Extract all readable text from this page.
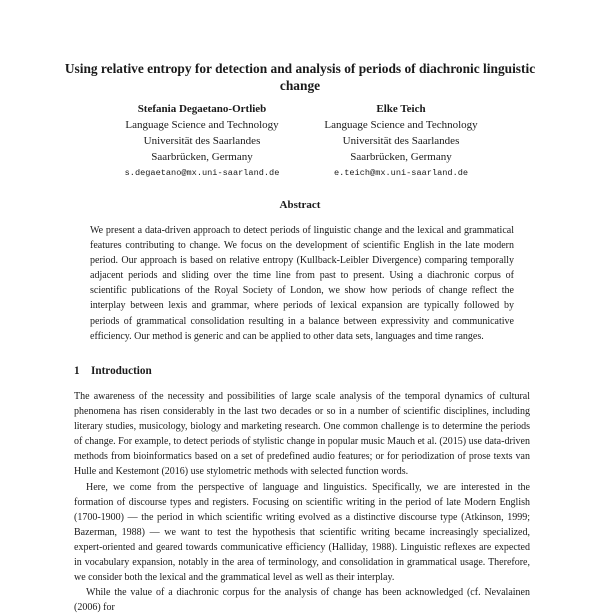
Using relative entropy for detection and analysis of periods of diachronic linguistic change
Stefania Degaetano-Ortlieb
Language Science and Technology
Universität des Saarlandes
Saarbrücken, Germany
s.degaetano@mx.uni-saarland.de
Elke Teich
Language Science and Technology
Universität des Saarlandes
Saarbrücken, Germany
e.teich@mx.uni-saarland.de
Abstract
We present a data-driven approach to detect periods of linguistic change and the lexical and grammatical features contributing to change. We focus on the development of scientific English in the late modern period. Our approach is based on relative entropy (Kullback-Leibler Divergence) comparing temporally adjacent periods and sliding over the time line from past to present. Using a diachronic corpus of scientific publications of the Royal Society of London, we show how periods of change reflect the interplay between lexis and grammar, where periods of lexical expansion are typically followed by periods of grammatical consolidation resulting in a balance between expressivity and communicative efficiency. Our method is generic and can be applied to other data sets, languages and time ranges.
1 Introduction

The awareness of the necessity and possibilities of large scale analysis of the temporal dynamics of cultural phenomena has risen considerably in the last two decades or so in a number of scientific disciplines, including literary studies, musicology, biology and marketing research. One common challenge is to determine the periods of change. For example, to detect periods of stylistic change in popular music Mauch et al. (2015) use data-driven methods from bioinformatics based on a set of predefined audio features; or for periodization of prose texts van Hulle and Kestemont (2016) use stylometric methods with selected function words.

Here, we come from the perspective of language and linguistics. Specifically, we are interested in the formation of discourse types and registers. Focusing on scientific writing in the period of late Modern English (1700-1900) — the period in which scientific writing evolved as a distinctive discourse type (Atkinson, 1999; Bazerman, 1988) — we want to test the hypothesis that scientific writing became increasingly specialized, expert-oriented and geared towards communicative efficiency (Halliday, 1988). Linguistic reflexes are expected in vocabulary expansion, notably in the area of terminology, and consolidation in grammatical usage. Therefore, we consider both the lexical and the grammatical level as well as their interplay.

While the value of a diachronic corpus for the analysis of change has been acknowledged (cf. Nevalainen (2006) for
